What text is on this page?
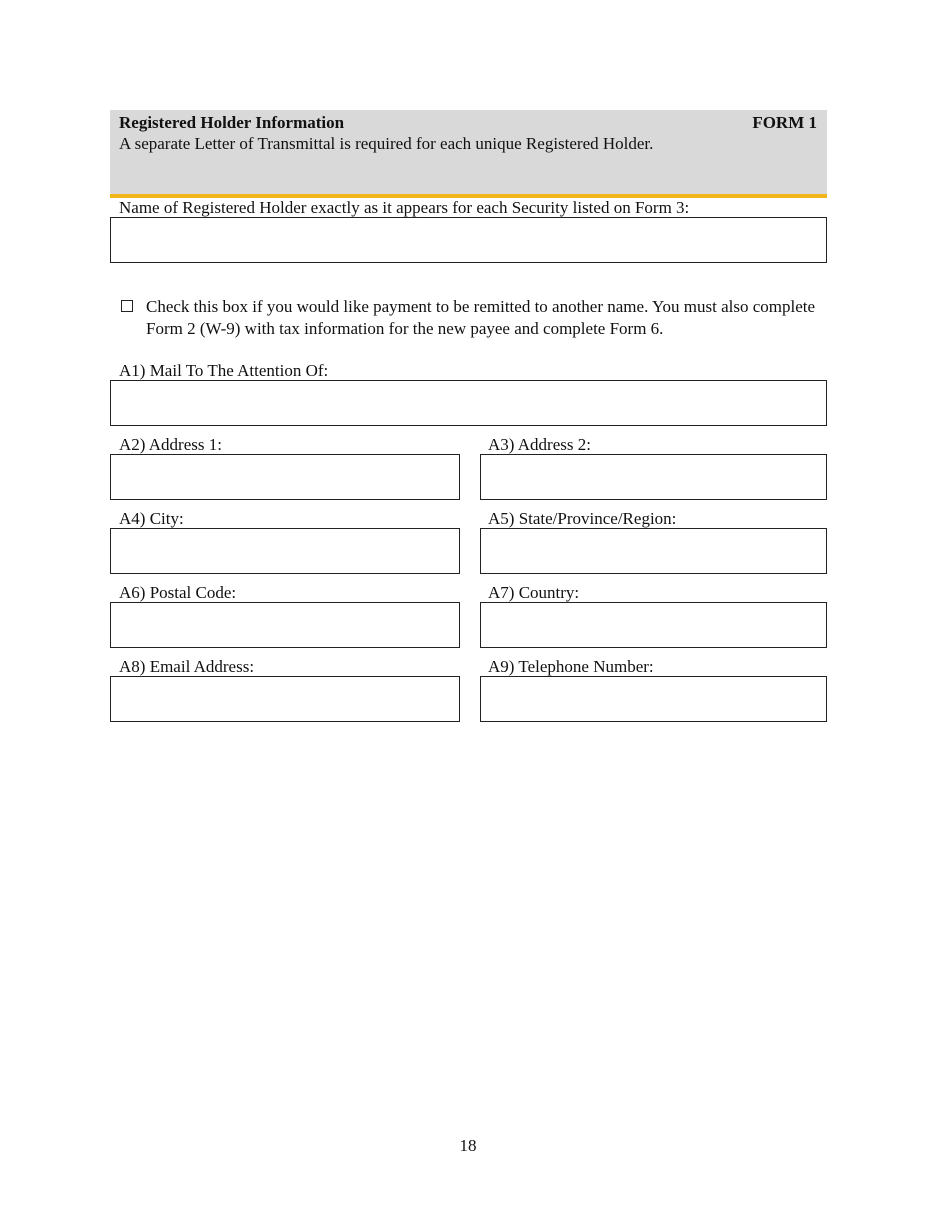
Registered Holder Information	FORM 1
A separate Letter of Transmittal is required for each unique Registered Holder.
Name of Registered Holder exactly as it appears for each Security listed on Form 3:
Check this box if you would like payment to be remitted to another name. You must also complete Form 2 (W-9) with tax information for the new payee and complete Form 6.
A1) Mail To The Attention Of:
A2) Address 1:	A3) Address 2:
A4) City:	A5) State/Province/Region:
A6) Postal Code:	A7) Country:
A8) Email Address:	A9) Telephone Number:
18
